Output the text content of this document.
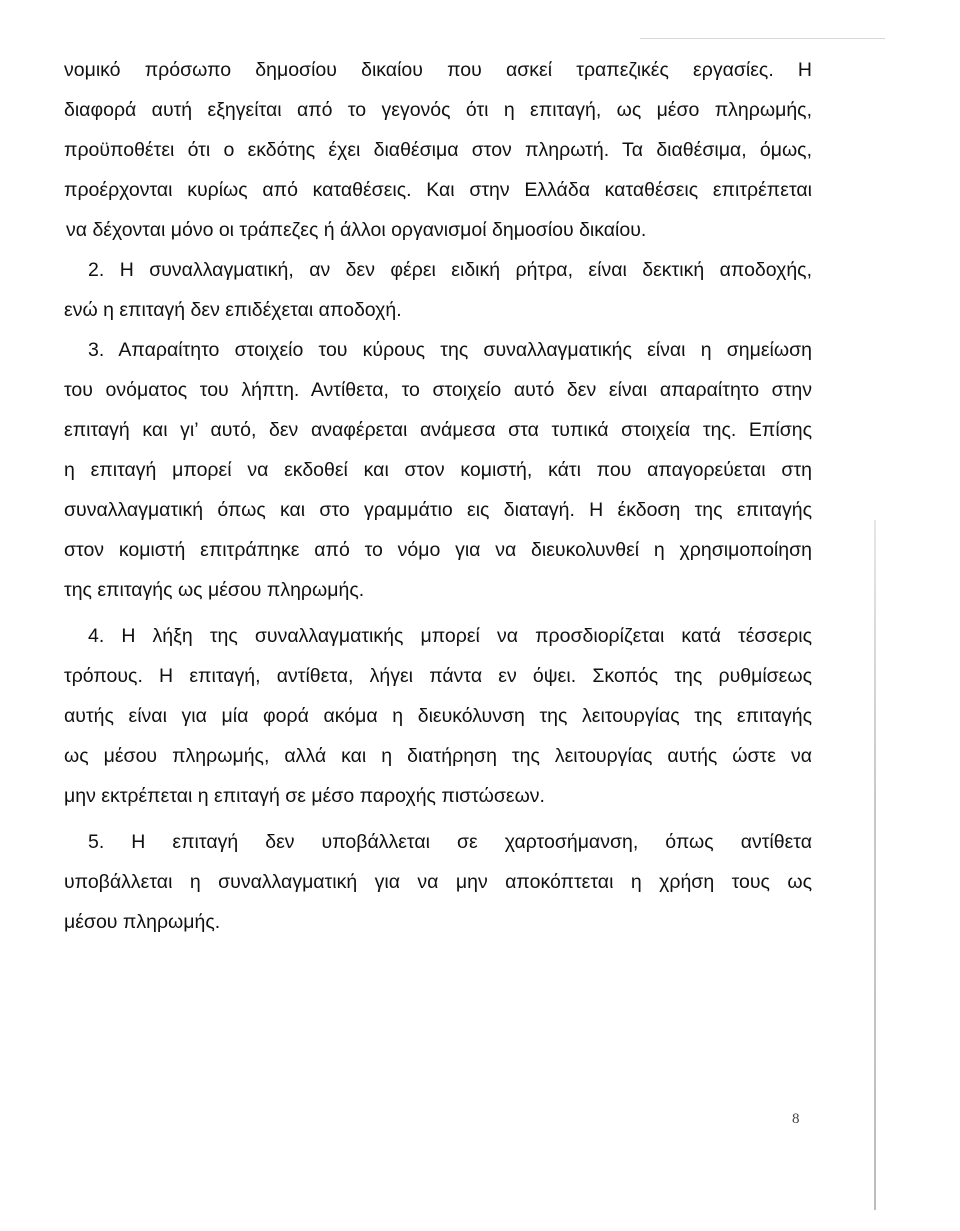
νομικό πρόσωπο δημοσίου δικαίου που ασκεί τραπεζικές εργασίες. Η
διαφορά αυτή εξηγείται από το γεγονός ότι η επιταγή, ως μέσο πληρωμής,
προϋποθέτει ότι ο εκδότης έχει διαθέσιμα στον πληρωτή. Τα διαθέσιμα, όμως,
προέρχονται κυρίως από καταθέσεις. Και στην Ελλάδα καταθέσεις επιτρέπεται
να δέχονται μόνο οι τράπεζες ή άλλοι οργανισμοί δημοσίου δικαίου.
2. Η συναλλαγματική, αν δεν φέρει ειδική ρήτρα, είναι δεκτική αποδοχής,
ενώ η επιταγή δεν επιδέχεται αποδοχή.
3. Απαραίτητο στοιχείο του κύρους της συναλλαγματικής είναι η σημείωση
του ονόματος του λήπτη. Αντίθετα, το στοιχείο αυτό δεν είναι απαραίτητο στην
επιταγή και γι’ αυτό, δεν αναφέρεται ανάμεσα στα τυπικά στοιχεία της. Επίσης
η επιταγή μπορεί να εκδοθεί και στον κομιστή, κάτι που απαγορεύεται στη
συναλλαγματική όπως και στο γραμμάτιο εις διαταγή. Η έκδοση της επιταγής
στον κομιστή επιτράπηκε από το νόμο για να διευκολυνθεί η χρησιμοποίηση
της επιταγής ως μέσου πληρωμής.
4. Η λήξη της συναλλαγματικής μπορεί να προσδιορίζεται κατά τέσσερις
τρόπους. Η επιταγή, αντίθετα, λήγει πάντα εν όψει. Σκοπός της ρυθμίσεως
αυτής είναι για μία φορά ακόμα η διευκόλυνση της λειτουργίας της επιταγής
ως μέσου πληρωμής, αλλά και η διατήρηση της λειτουργίας αυτής ώστε να
μην εκτρέπεται η επιταγή σε μέσο παροχής πιστώσεων.
5. Η επιταγή δεν υποβάλλεται σε χαρτοσήμανση, όπως αντίθετα
υποβάλλεται η συναλλαγματική για να μην αποκόπτεται η χρήση τους ως
μέσου πληρωμής.
8
